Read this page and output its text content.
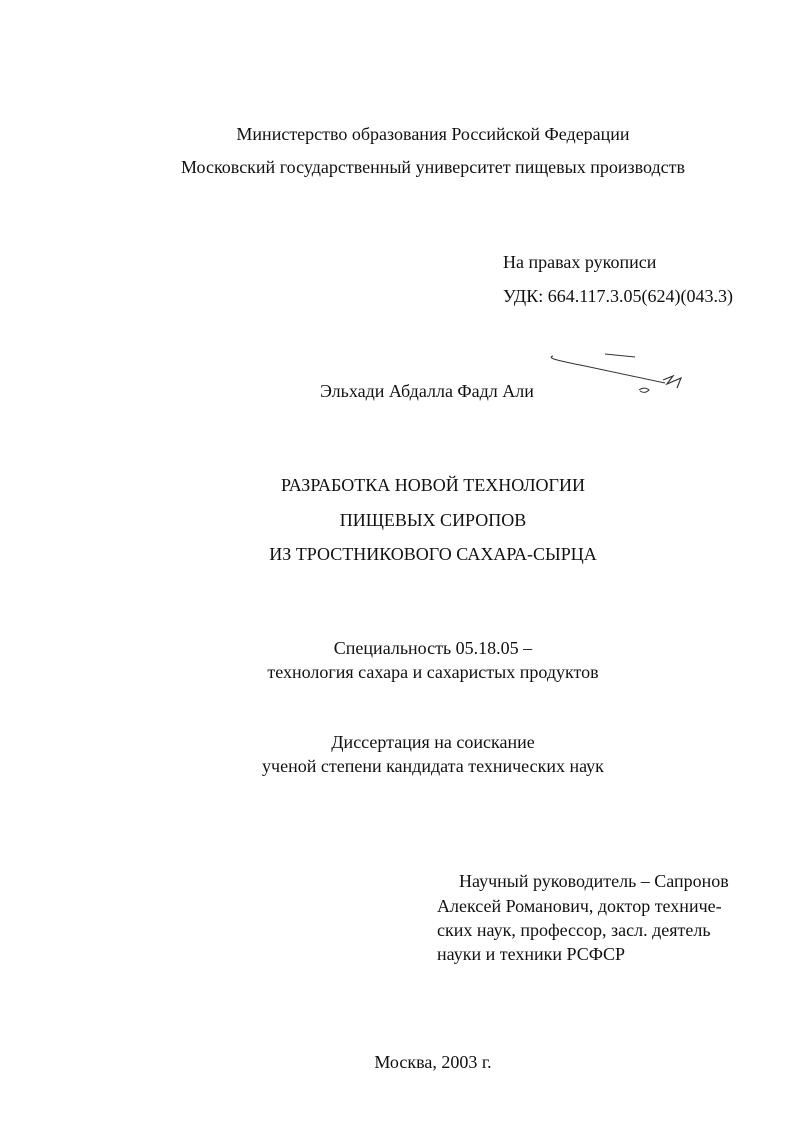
Министерство образования Российской Федерации
Московский государственный университет пищевых производств
На правах рукописи
УДК: 664.117.3.05(624)(043.3)
Эльхади Абдалла Фадл Али
РАЗРАБОТКА НОВОЙ ТЕХНОЛОГИИ
ПИЩЕВЫХ СИРОПОВ
ИЗ ТРОСТНИКОВОГО САХАРА-СЫРЦА
Специальность 05.18.05 –
технология сахара и сахаристых продуктов
Диссертация на соискание
ученой степени кандидата технических наук
Научный руководитель – Сапронов
Алексей Романович, доктор техниче-
ских наук, профессор, засл. деятель
науки и техники РСФСР
Москва, 2003 г.
